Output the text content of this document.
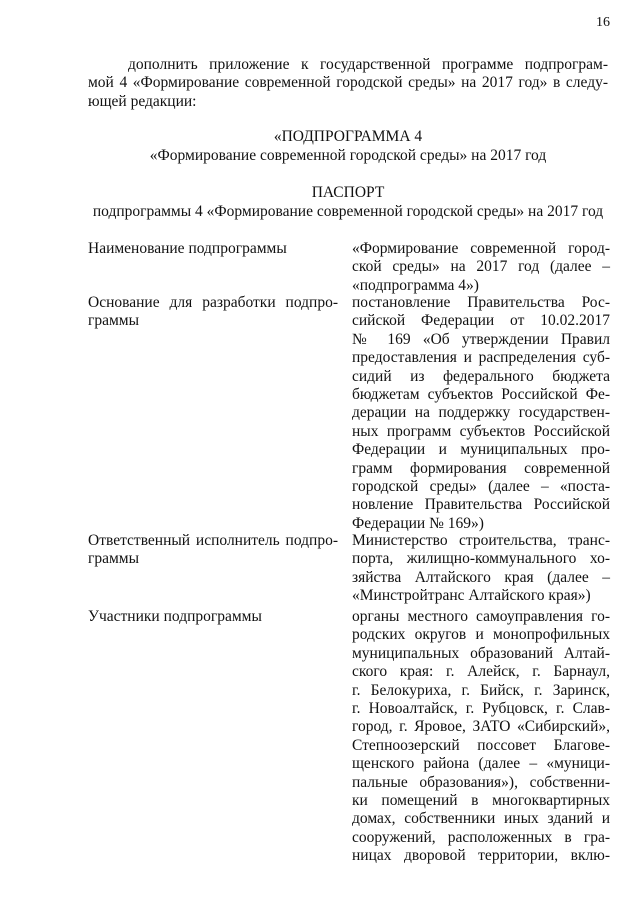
16
дополнить приложение к государственной программе подпрограм-
мой 4 «Формирование современной городской среды» на 2017 год» в следу-
ющей редакции:
«ПОДПРОГРАММА 4
«Формирование современной городской среды» на 2017 год
ПАСПОРТ
подпрограммы 4 «Формирование современной городской среды» на 2017 год
Наименование подпрограммы	«Формирование современной город-
ской среды» на 2017 год (далее –
«подпрограмма 4»)
Основание для разработки подпро-
граммы
постановление Правительства Рос-
сийской Федерации от 10.02.2017
№ 169 «Об утверждении Правил
предоставления и распределения суб-
сидий из федерального бюджета
бюджетам субъектов Российской Фе-
дерации на поддержку государствен-
ных программ субъектов Российской
Федерации и муниципальных про-
грамм формирования современной
городской среды» (далее – «поста-
новление Правительства Российской
Федерации № 169»)
Ответственный исполнитель подпро-
граммы
Министерство строительства, транс-
порта, жилищно-коммунального хо-
зяйства Алтайского края (далее –
«Минстройтранс Алтайского края»)
Участники подпрограммы	органы местного самоуправления го-
родских округов и монопрофильных
муниципальных образований Алтай-
ского края: г. Алейск, г. Барнаул,
г. Белокуриха, г. Бийск, г. Заринск,
г. Новоалтайск, г. Рубцовск, г. Слав-
город, г. Яровое, ЗАТО «Сибирский»,
Степноозерский поссовет Благове-
щенского района (далее – «муници-
пальные образования»), собственни-
ки помещений в многоквартирных
домах, собственники иных зданий и
сооружений, расположенных в гра-
ницах дворовой территории, вклю-
